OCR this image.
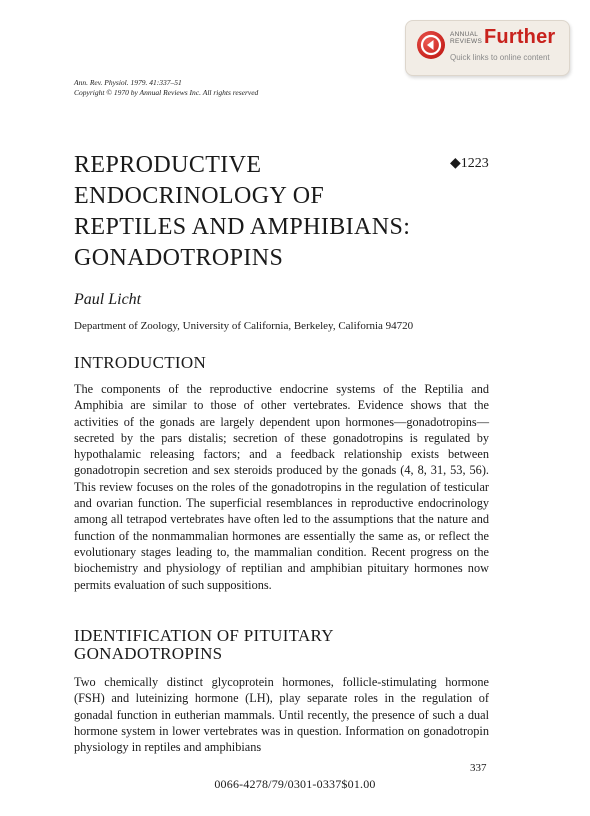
ANNUAL
REVIEWS Further
Quick links to online content
Ann. Rev. Physiol. 1979. 41:337–51
Copyright © 1970 by Annual Reviews Inc. All rights reserved
REPRODUCTIVE
ENDOCRINOLOGY OF
REPTILES AND AMPHIBIANS:
GONADOTROPINS
◆1223
Paul Licht
Department of Zoology, University of California, Berkeley, California 94720
INTRODUCTION

The components of the reproductive endocrine systems of the Reptilia and Amphibia are similar to those of other vertebrates. Evidence shows that the activities of the gonads are largely dependent upon hormones—gonadotropins—secreted by the pars distalis; secretion of these gonadotropins is regulated by hypothalamic releasing factors; and a feedback relationship exists between gonadotropin secretion and sex steroids produced by the gonads (4, 8, 31, 53, 56). This review focuses on the roles of the gonadotropins in the regulation of testicular and ovarian function. The superficial resemblances in reproductive endocrinology among all tetrapod vertebrates have often led to the assumptions that the nature and function of the nonmammalian hormones are essentially the same as, or reflect the evolutionary stages leading to, the mammalian condition. Recent progress on the biochemistry and physiology of reptilian and amphibian pituitary hormones now permits evaluation of such suppositions.

IDENTIFICATION OF PITUITARY
GONADOTROPINS

Two chemically distinct glycoprotein hormones, follicle-stimulating hormone (FSH) and luteinizing hormone (LH), play separate roles in the regulation of gonadal function in eutherian mammals. Until recently, the presence of such a dual hormone system in lower vertebrates was in question. Information on gonadotropin physiology in reptiles and amphibians

337
0066-4278/79/0301-0337$01.00
